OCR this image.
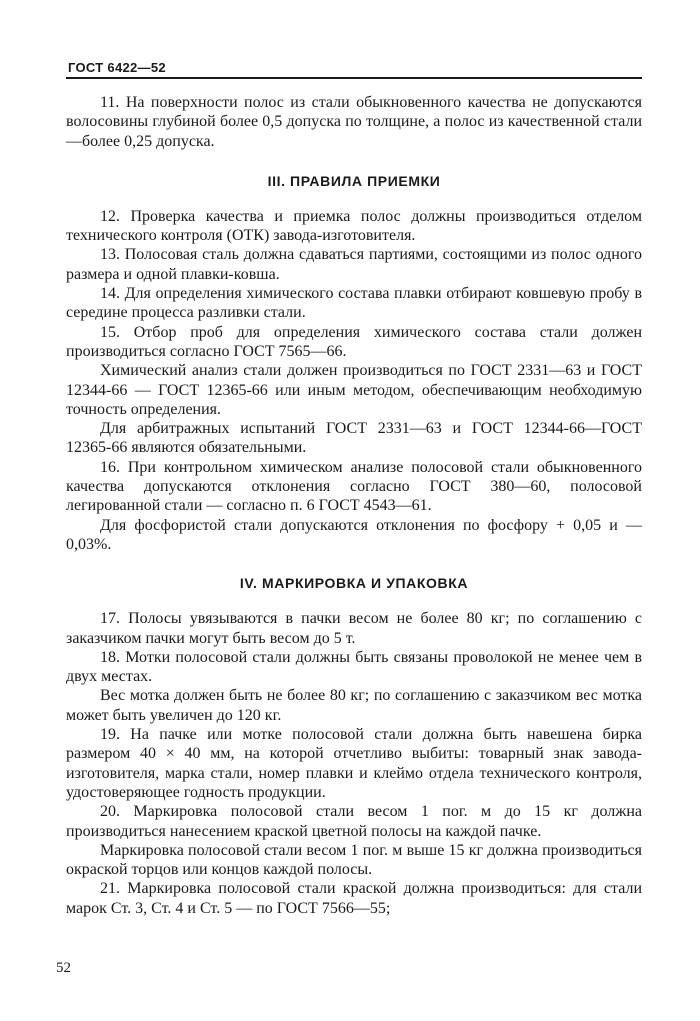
ГОСТ 6422—52

11. На поверхности полос из стали обыкновенного качества не допускаются волосовины глубиной более 0,5 допуска по толщине, а полос из качественной стали—более 0,25 допуска.

III. ПРАВИЛА ПРИЕМКИ

12. Проверка качества и приемка полос должны производиться отделом технического контроля (ОТК) завода-изготовителя.

13. Полосовая сталь должна сдаваться партиями, состоящими из полос одного размера и одной плавки-ковша.

14. Для определения химического состава плавки отбирают ковшевую пробу в середине процесса разливки стали.

15. Отбор проб для определения химического состава стали должен производиться согласно ГОСТ 7565—66.

Химический анализ стали должен производиться по ГОСТ 2331—63 и ГОСТ 12344-66 — ГОСТ 12365-66 или иным методом, обеспечивающим необходимую точность определения.

Для арбитражных испытаний ГОСТ 2331—63 и ГОСТ 12344-66—ГОСТ 12365-66 являются обязательными.

16. При контрольном химическом анализе полосовой стали обыкновенного качества допускаются отклонения согласно ГОСТ 380—60, полосовой легированной стали — согласно п. 6 ГОСТ 4543—61.

Для фосфористой стали допускаются отклонения по фосфору + 0,05 и — 0,03%.

IV. МАРКИРОВКА И УПАКОВКА

17. Полосы увязываются в пачки весом не более 80 кг; по соглашению с заказчиком пачки могут быть весом до 5 т.

18. Мотки полосовой стали должны быть связаны проволокой не менее чем в двух местах.

Вес мотка должен быть не более 80 кг; по соглашению с заказчиком вес мотка может быть увеличен до 120 кг.

19. На пачке или мотке полосовой стали должна быть навешена бирка размером 40 × 40 мм, на которой отчетливо выбиты: товарный знак завода-изготовителя, марка стали, номер плавки и клеймо отдела технического контроля, удостоверяющее годность продукции.

20. Маркировка полосовой стали весом 1 пог. м до 15 кг должна производиться нанесением краской цветной полосы на каждой пачке.

Маркировка полосовой стали весом 1 пог. м выше 15 кг должна производиться окраской торцов или концов каждой полосы.

21. Маркировка полосовой стали краской должна производиться: для стали марок Ст. 3, Ст. 4 и Ст. 5 — по ГОСТ 7566—55;

52
